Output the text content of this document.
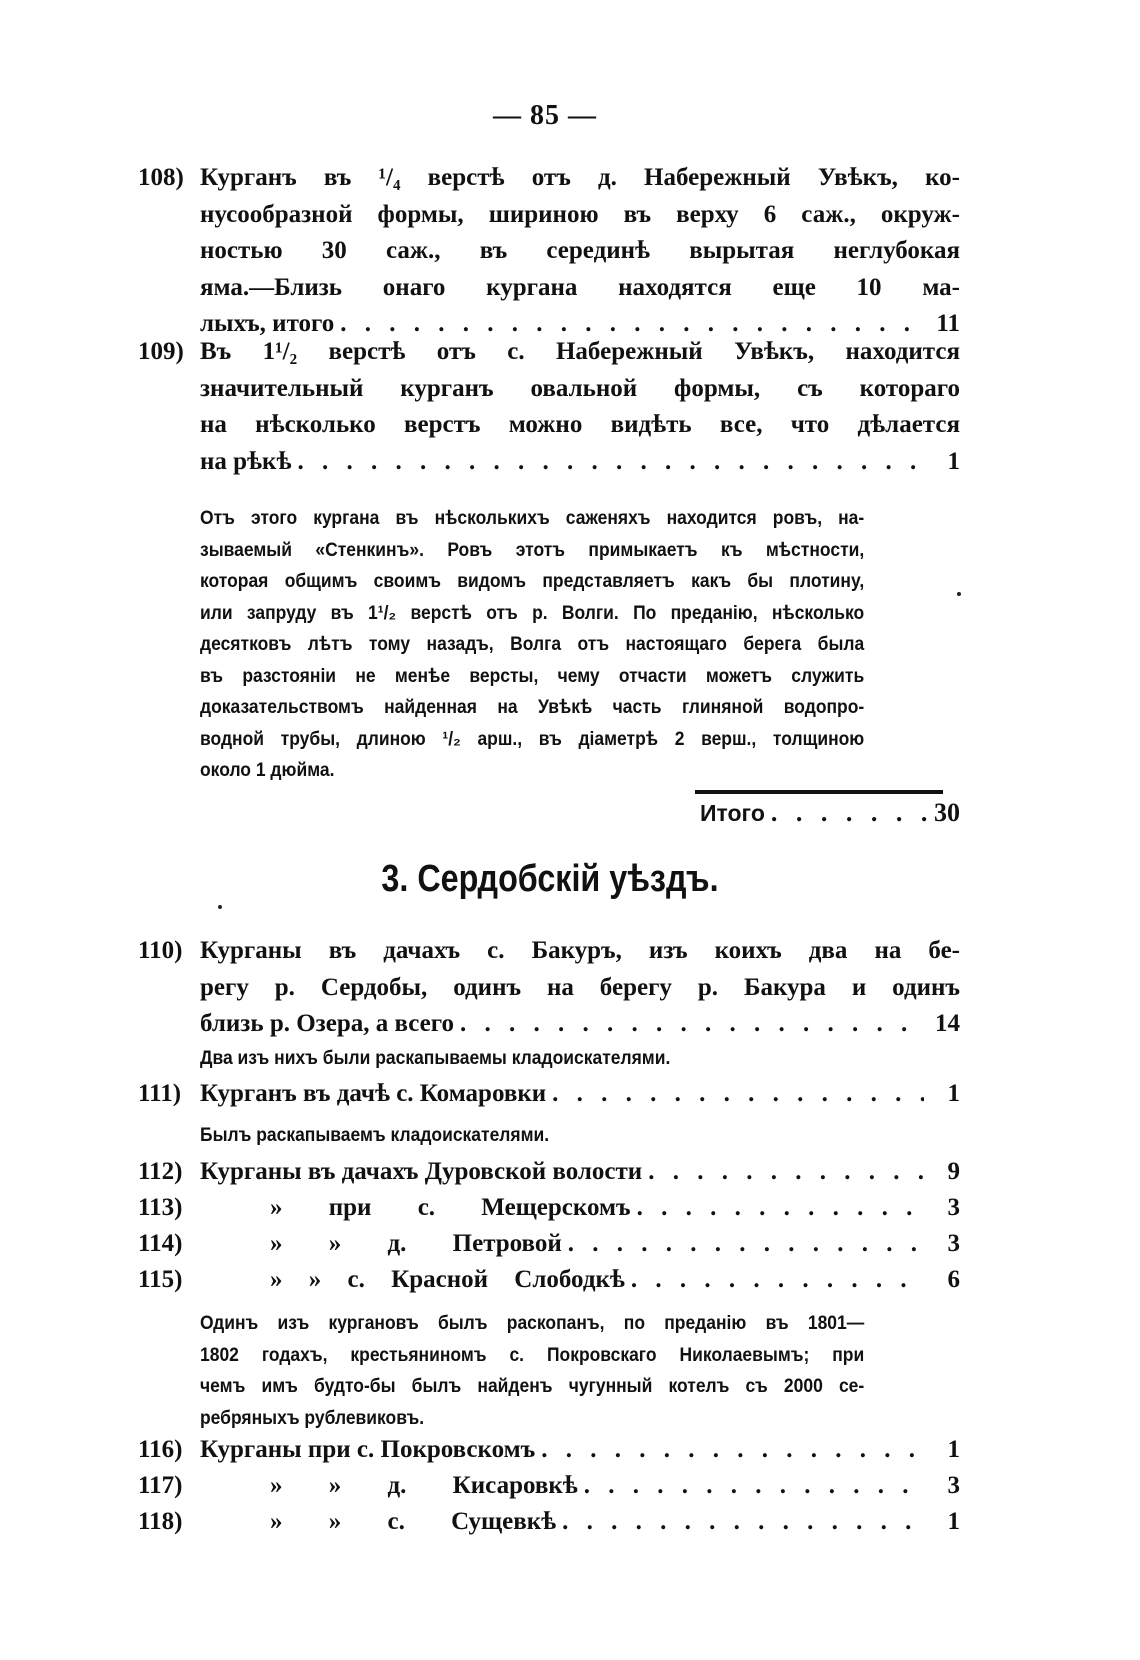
— 85 —
108) Курганъ въ ¹/₄ верстѣ отъ д. Набережный Увѣкъ, ко-
нусообразной формы, шириною въ верху 6 саж., окруж-
ностью 30 саж., въ серединѣ вырытая неглубокая
яма.—Близь онаго кургана находятся еще 10 ма-
лыхъ, итого . . .	11
109) Въ 1¹/₂ верстѣ отъ с. Набережный Увѣкъ, находится
значительный курганъ овальной формы, съ котораго
на нѣсколько верстъ можно видѣть все, что дѣлается
на рѣкѣ . . .	1
Отъ этого кургана въ нѣсколькихъ саженяхъ находится ровъ, на-
зываемый «Стенкинъ». Ровъ этотъ примыкаетъ къ мѣстности,
которая общимъ своимъ видомъ представляетъ какъ бы плотину,
или запруду въ 1¹/₂ верстѣ отъ р. Волги. По преданію, нѣсколько
десятковъ лѣтъ тому назадъ, Волга отъ настоящаго берега была
въ разстояніи не менѣе версты, чему отчасти можетъ служить
доказательствомъ найденная на Увѣкѣ часть глиняной водопро-
водной трубы, длиною ¹/₂ арш., въ діаметрѣ 2 верш., толщиною
около 1 дюйма.
Итого . . .	30
3. Сердобскій уѣздъ.
110) Курганы въ дачахъ с. Бакуръ, изъ коихъ два на бе-
регу р. Сердобы, одинъ на берегу р. Бакура и одинъ
близь р. Озера, а всего . . .	14
Два изъ нихъ были раскапываемы кладоискателями.
111) Курганъ въ дачѣ с. Комаровки . . .	1
Былъ раскапываемъ кладоискателями.
112) Курганы въ дачахъ Дуровской волости . . .	9
113)	» при с. Мещерскомъ . . .	3
114)	» » д. Петровой . . .	3
115)	» » с. Красной Слободкѣ . . .	6
Одинъ изъ кургановъ былъ раскопанъ, по преданію въ 1801—
1802 годахъ, крестьяниномъ с. Покровскаго Николаевымъ; при
чемъ имъ будто-бы былъ найденъ чугунный котелъ съ 2000 се-
ребряныхъ рублевиковъ.
116) Курганы при с. Покровскомъ . . .	1
117)	» » д. Кисаровкѣ . . .	3
118)	» » с. Сущевкѣ . . .	1
